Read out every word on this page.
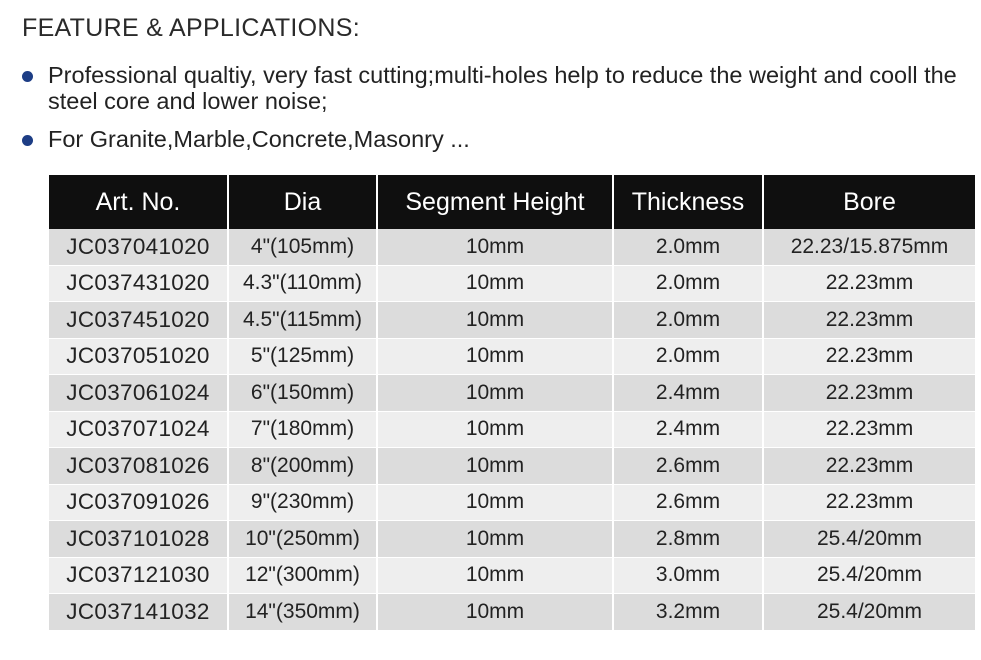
FEATURE & APPLICATIONS:
Professional qualtiy, very fast cutting;multi-holes help to reduce the weight and cooll the steel core and lower noise;
For Granite,Marble,Concrete,Masonry ...
Art. No.	Dia	Segment Height	Thickness	Bore
JC037041020	4"(105mm)	10mm	2.0mm	22.23/15.875mm
JC037431020	4.3"(110mm)	10mm	2.0mm	22.23mm
JC037451020	4.5"(115mm)	10mm	2.0mm	22.23mm
JC037051020	5"(125mm)	10mm	2.0mm	22.23mm
JC037061024	6"(150mm)	10mm	2.4mm	22.23mm
JC037071024	7"(180mm)	10mm	2.4mm	22.23mm
JC037081026	8"(200mm)	10mm	2.6mm	22.23mm
JC037091026	9"(230mm)	10mm	2.6mm	22.23mm
JC037101028	10"(250mm)	10mm	2.8mm	25.4/20mm
JC037121030	12"(300mm)	10mm	3.0mm	25.4/20mm
JC037141032	14"(350mm)	10mm	3.2mm	25.4/20mm
